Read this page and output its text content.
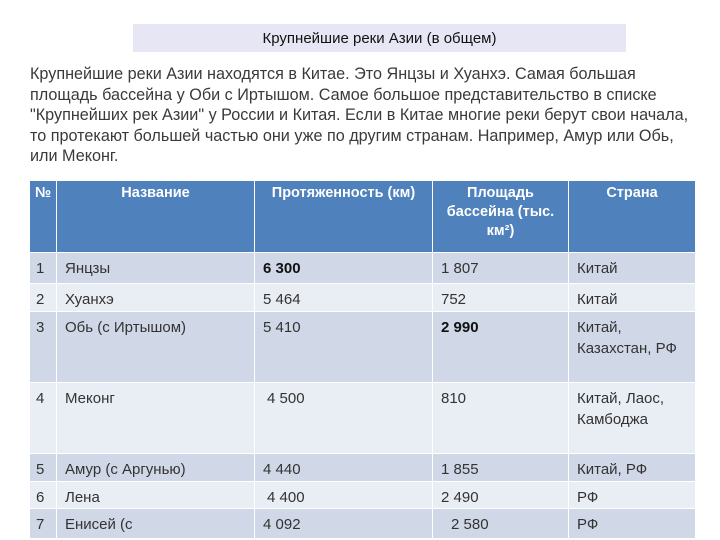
Крупнейшие реки Азии (в общем)
Крупнейшие реки Азии находятся в Китае. Это Янцзы и Хуанхэ. Самая большая площадь бассейна у Оби с Иртышом. Самое большое представительство в списке "Крупнейших рек Азии" у России и Китая. Если в Китае многие реки берут свои начала, то протекают большей частью они уже по другим странам. Например, Амур или Обь, или Меконг.
№	Название	Протяженность (км)	Площадь бассейна (тыс. км²)	Страна
1	Янцзы	6 300	1 807	Китай
2	Хуанхэ	5 464	752	Китай
3	Обь (с Иртышом)	5 410	2 990	Китай, Казахстан, РФ
4	Меконг	4 500	810	Китай, Лаос, Камбоджа
5	Амур (с Аргунью)	4 440	1 855	Китай, РФ
6	Лена	4 400	2 490	РФ
7	Енисей (с	4 092	2 580	РФ
